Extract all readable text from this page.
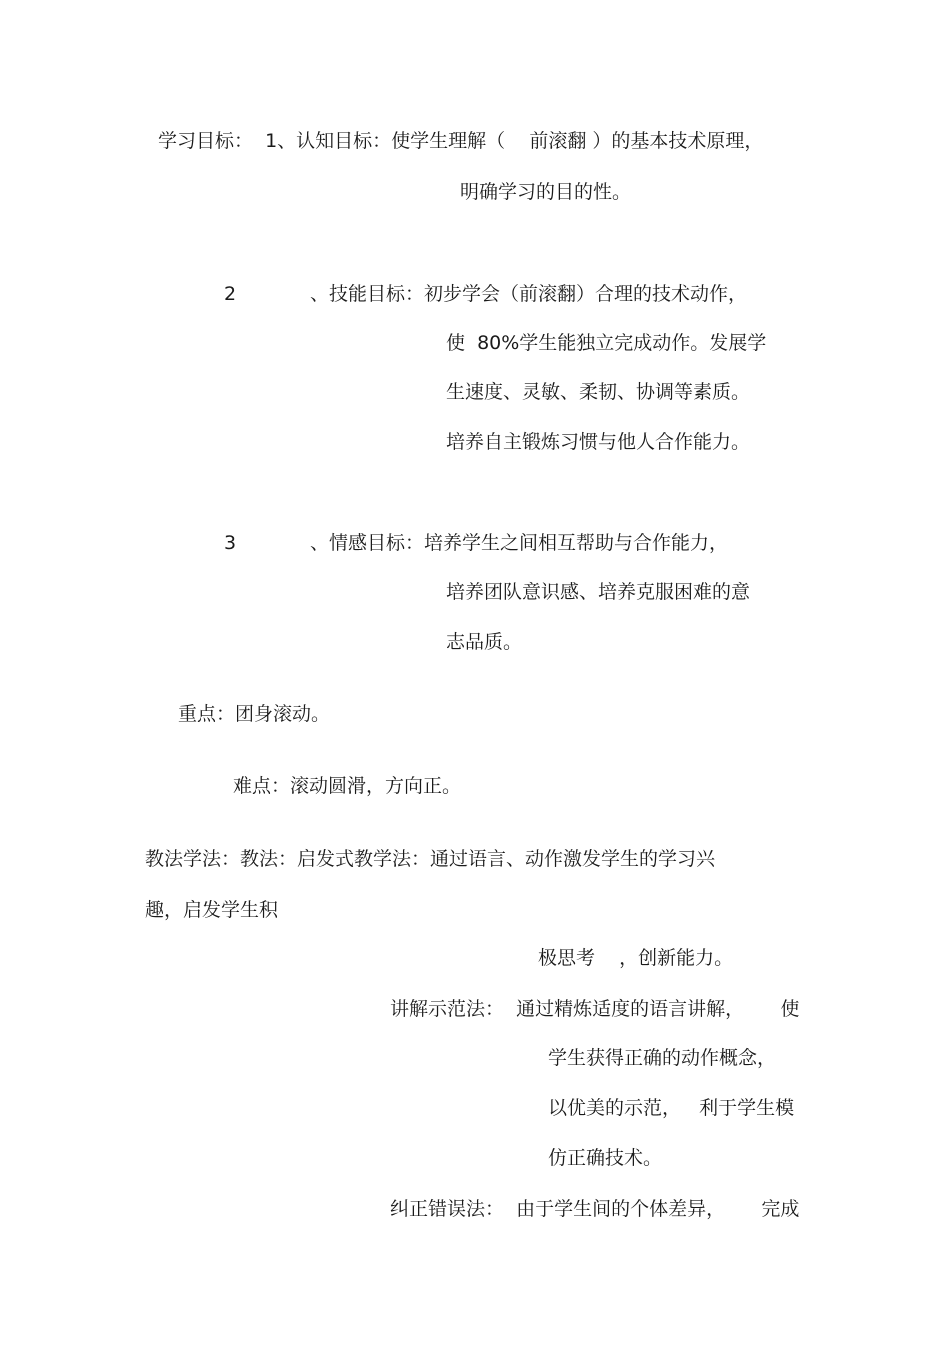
学习目标：  1、认知目标：使学生理解（    前滚翻 ）的基本技术原理，
明确学习的目的性。
2	、技能目标：初步学会（前滚翻）合理的技术动作，
使  80%学生能独立完成动作。发展学
生速度、灵敏、柔韧、协调等素质。
培养自主锻炼习惯与他人合作能力。
3	、情感目标：培养学生之间相互帮助与合作能力，
培养团队意识感、培养克服困难的意
志品质。
重点：团身滚动。
难点：滚动圆滑，方向正。
教法学法：教法：启发式教学法：通过语言、动作激发学生的学习兴
趣，启发学生积
极思考    ，创新能力。
讲解示范法：  通过精炼适度的语言讲解，      使
学生获得正确的动作概念，
以优美的示范，   利于学生模
仿正确技术。
纠正错误法：  由于学生间的个体差异，      完成
